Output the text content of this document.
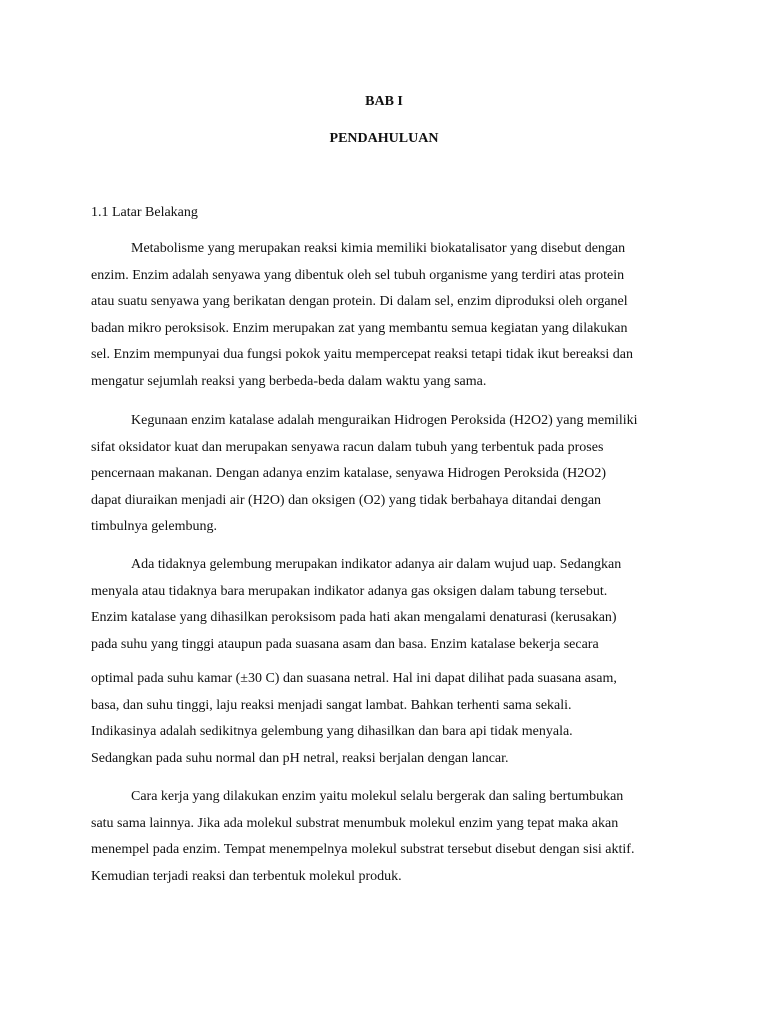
BAB I
PENDAHULUAN
1.1 Latar Belakang
Metabolisme yang merupakan reaksi kimia memiliki biokatalisator yang disebut dengan
enzim. Enzim adalah senyawa yang dibentuk oleh sel tubuh organisme yang terdiri atas protein
atau suatu senyawa yang berikatan dengan protein. Di dalam sel, enzim diproduksi oleh organel
badan mikro peroksisok. Enzim merupakan zat yang membantu semua kegiatan yang dilakukan
sel. Enzim mempunyai dua fungsi pokok yaitu mempercepat reaksi tetapi tidak ikut bereaksi dan
mengatur sejumlah reaksi yang berbeda-beda dalam waktu yang sama.
Kegunaan enzim katalase adalah menguraikan Hidrogen Peroksida (H2O2) yang memiliki
sifat oksidator kuat dan merupakan senyawa racun dalam tubuh yang terbentuk pada proses
pencernaan makanan. Dengan adanya enzim katalase, senyawa Hidrogen Peroksida (H2O2)
dapat diuraikan menjadi air (H2O) dan oksigen (O2) yang tidak berbahaya ditandai dengan
timbulnya gelembung.
Ada tidaknya gelembung merupakan indikator adanya air dalam wujud uap. Sedangkan
menyala atau tidaknya bara merupakan indikator adanya gas oksigen dalam tabung tersebut.
Enzim katalase yang dihasilkan peroksisom pada hati akan mengalami denaturasi (kerusakan)
pada suhu yang tinggi ataupun pada suasana asam dan basa. Enzim katalase bekerja secara
optimal pada suhu kamar (±30 C) dan suasana netral. Hal ini dapat dilihat pada suasana asam,
basa, dan suhu tinggi, laju reaksi menjadi sangat lambat. Bahkan terhenti sama sekali.
Indikasinya adalah sedikitnya gelembung yang dihasilkan dan bara api tidak menyala.
Sedangkan pada suhu normal dan pH netral, reaksi berjalan dengan lancar.
Cara kerja yang dilakukan enzim yaitu molekul selalu bergerak dan saling bertumbukan
satu sama lainnya. Jika ada molekul substrat menumbuk molekul enzim yang tepat maka akan
menempel pada enzim. Tempat menempelnya molekul substrat tersebut disebut dengan sisi aktif.
Kemudian terjadi reaksi dan terbentuk molekul produk.
